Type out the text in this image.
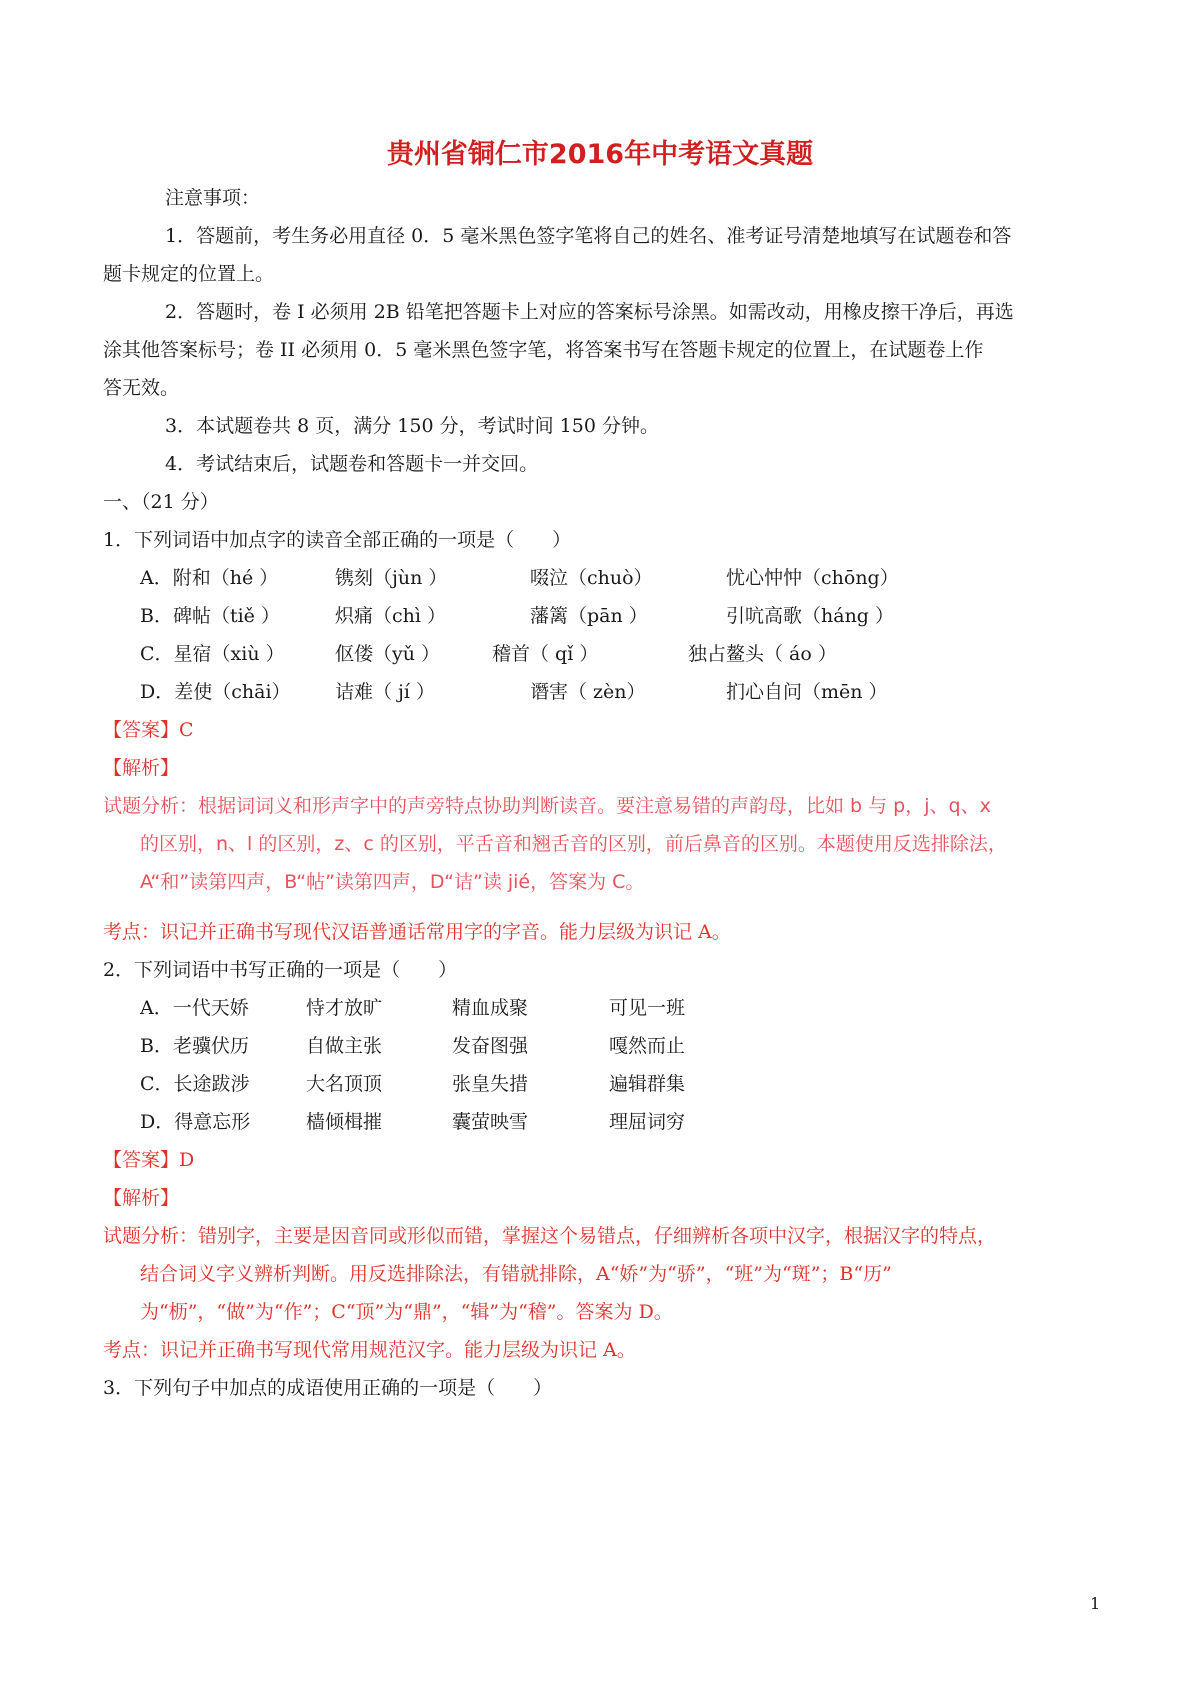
贵州省铜仁市2016年中考语文真题
注意事项：
1．答题前，考生务必用直径 0．5 毫米黑色签字笔将自己的姓名、准考证号清楚地填写在试题卷和答
题卡规定的位置上。
2．答题时，卷 I 必须用 2B 铅笔把答题卡上对应的答案标号涂黑。如需改动，用橡皮擦干净后，再选
涂其他答案标号；卷 II 必须用 0．5 毫米黑色签字笔，将答案书写在答题卡规定的位置上，在试题卷上作
答无效。
3．本试题卷共 8 页，满分 150 分，考试时间 150 分钟。
4．考试结束后，试题卷和答题卡一并交回。
一、（21 分）
1．下列词语中加点字的读音全部正确的一项是（　　）
A．附和（hé ）	镌刻（jùn ）	啜泣（chuò）	忧心忡忡（chōng）
B．碑帖（tiě ）	炽痛（chì ）	藩篱（pān ）	引吭高歌（háng ）
C．星宿（xiù ）	伛偻（yǔ ）	稽首（ qǐ ）	独占鳌头（ áo ）
D．差使（chāi） 诘难（ jí ）	谮害（ zèn）	扪心自问（mēn ）
【答案】C
【解析】
试题分析：根据词词义和形声字中的声旁特点协助判断读音。要注意易错的声韵母，比如 b 与 p，j、q、x
的区别，n、l 的区别，z、c 的区别，平舌音和翘舌音的区别，前后鼻音的区别。本题使用反选排除法，
A“和”读第四声，B“帖”读第四声，D“诘”读 jié，答案为 C。
考点：识记并正确书写现代汉语普通话常用字的字音。能力层级为识记 A。
2．下列词语中书写正确的一项是（　　）
A．一代天娇	恃才放旷	精血成聚	可见一班
B．老骥伏历	自做主张	发奋图强	嘎然而止
C．长途跋涉	大名顶顶	张皇失措	遍辑群集
D．得意忘形	樯倾楫摧	囊萤映雪	理屈词穷
【答案】D
【解析】
试题分析：错别字，主要是因音同或形似而错，掌握这个易错点，仔细辨析各项中汉字，根据汉字的特点，
结合词义字义辨析判断。用反选排除法，有错就排除，A“娇”为“骄”，“班”为“斑”；B“历”
为“枥”，“做”为“作”；C“顶”为“鼎”，“辑”为“稽”。答案为 D。
考点：识记并正确书写现代常用规范汉字。能力层级为识记 A。
3．下列句子中加点的成语使用正确的一项是（　　）
1
